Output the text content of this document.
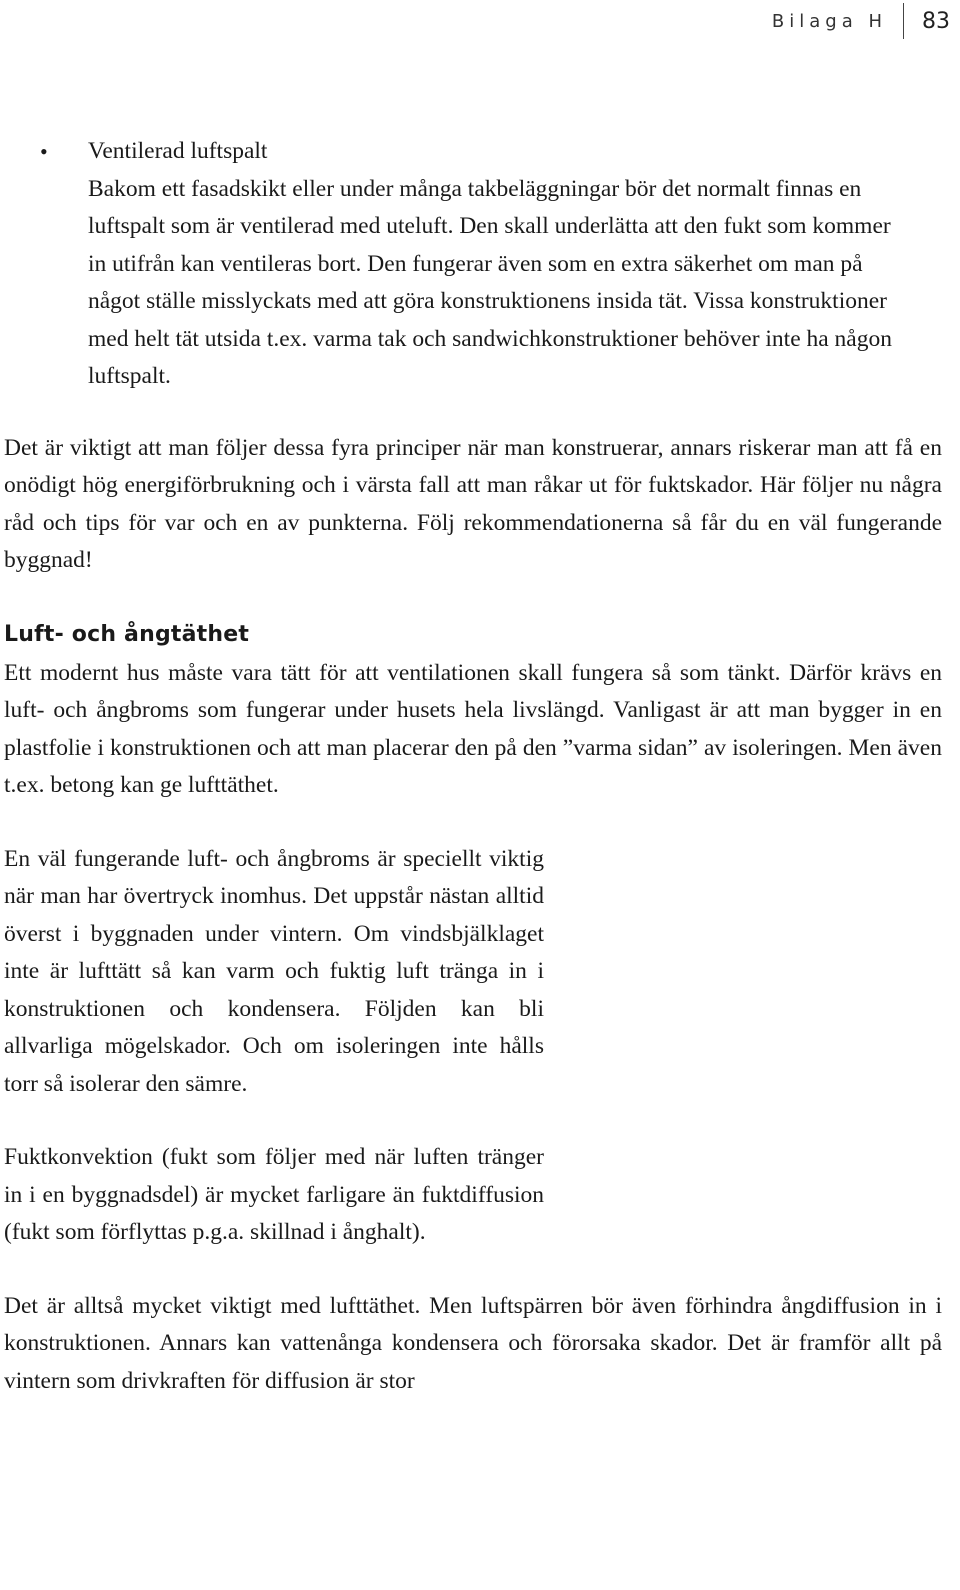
Bilaga H	83
• Ventilerad luftspalt

Bakom ett fasadskikt eller under många takbeläggningar bör det normalt finnas en luftspalt som är ventilerad med uteluft. Den skall underlätta att den fukt som kommer in utifrån kan ventileras bort. Den fungerar även som en extra säkerhet om man på något ställe misslyckats med att göra konstruktionens insida tät. Vissa konstruktioner med helt tät utsida t.ex. varma tak och sandwichkonstruktioner behöver inte ha någon luftspalt.

Det är viktigt att man följer dessa fyra principer när man konstruerar, annars riskerar man att få en onödigt hög energiförbrukning och i värsta fall att man råkar ut för fuktskador. Här följer nu några råd och tips för var och en av punkterna. Följ rekommendationerna så får du en väl fungerande byggnad!

Luft- och ångtäthet

Ett modernt hus måste vara tätt för att ventilationen skall fungera så som tänkt. Därför krävs en luft- och ångbroms som fungerar under husets hela livslängd. Vanligast är att man bygger in en plastfolie i konstruktionen och att man placerar den på den ”varma sidan” av isoleringen. Men även t.ex. betong kan ge lufttäthet.

En väl fungerande luft- och ångbroms är speciellt viktig när man har övertryck inomhus. Det uppstår nästan alltid överst i byggnaden under vintern. Om vindsbjälklaget inte är lufttätt så kan varm och fuktig luft tränga in i konstruktionen och kondensera. Följden kan bli allvarliga mögelskador. Och om isoleringen inte hålls torr så isolerar den sämre.

Fuktkonvektion (fukt som följer med när luften tränger in i en byggnadsdel) är mycket farligare än fuktdiffusion (fukt som förflyttas p.g.a. skillnad i ånghalt).

Det är alltså mycket viktigt med lufttäthet. Men luftspärren bör även förhindra ångdiffusion in i konstruktionen. Annars kan vattenånga kondensera och förorsaka skador. Det är framför allt på vintern som drivkraften för diffusion är stor
